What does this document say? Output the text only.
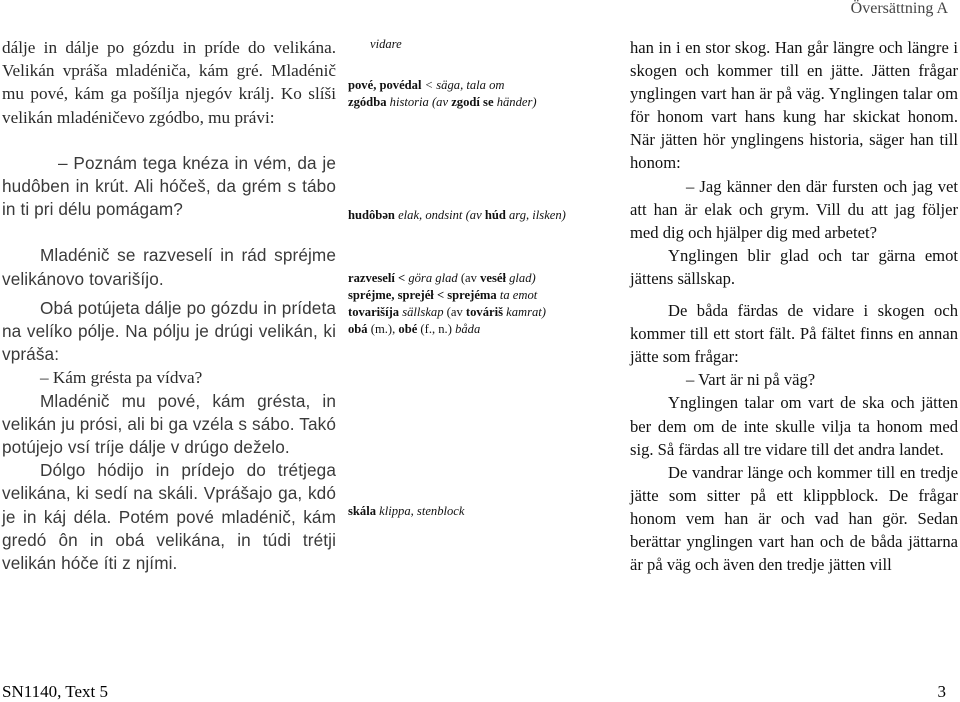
Översättning A

dálje in dálje po gózdu in príde do velikána. Velikán vpráša mladéniča, kám gré. Mladénič mu pové, kám ga pošílja njegóv králj. Ko slíši velikán mladéničevo zgódbo, mu právi:

– Poznám tega knéza in vém, da je hudôben in krút. Ali hóčeš, da grém s tábo in ti pri délu pomágam?

Mladénič se razveselí in rád spréjme velikánovo tovarišíjo.

Obá potújeta dálje po gózdu in prídeta na velíko pólje. Na pólju je drúgi velikán, ki vpráša:

– Kám grésta pa vídva?

Mladénič mu pové, kám grésta, in velikán ju prósi, ali bi ga vzéla s sábo. Takó potújejo vsí tríje dálje v drúgo deželo.

Dólgo hódijo in prídejo do trétjega velikána, ki sedí na skáli. Vprášajo ga, kdó je in káj déla. Potém pové mladénič, kám gredó ôn in obá velikána, in túdi trétji velikán hóče íti z njími.

vidare

pové, povédal < säga, tala om

zgódba historia (av zgodí se händer)

hudôbən elak, ondsint (av húd arg, ilsken)

razveselí < göra glad (av veséł glad)

spréjme, sprejéł < sprejéma ta emot

tovarišíja sällskap (av továriš kamrat)

obá (m.), obé (f., n.) båda

skála klippa, stenblock

han in i en stor skog. Han går längre och längre i skogen och kommer till en jätte. Jätten frågar ynglingen vart han är på väg. Ynglingen talar om för honom vart hans kung har skickat honom. När jätten hör ynglingens historia, säger han till honom:

– Jag känner den där fursten och jag vet att han är elak och grym. Vill du att jag följer med dig och hjälper dig med arbetet?

Ynglingen blir glad och tar gärna emot jättens sällskap.

De båda färdas de vidare i skogen och kommer till ett stort fält. På fältet finns en annan jätte som frågar:

– Vart är ni på väg?

Ynglingen talar om vart de ska och jätten ber dem om de inte skulle vilja ta honom med sig. Så färdas all tre vidare till det andra landet.

De vandrar länge och kommer till en tredje jätte som sitter på ett klippblock. De frågar honom vem han är och vad han gör. Sedan berättar ynglingen vart han och de båda jättarna är på väg och även den tredje jätten vill

SN1140, Text 5	3
